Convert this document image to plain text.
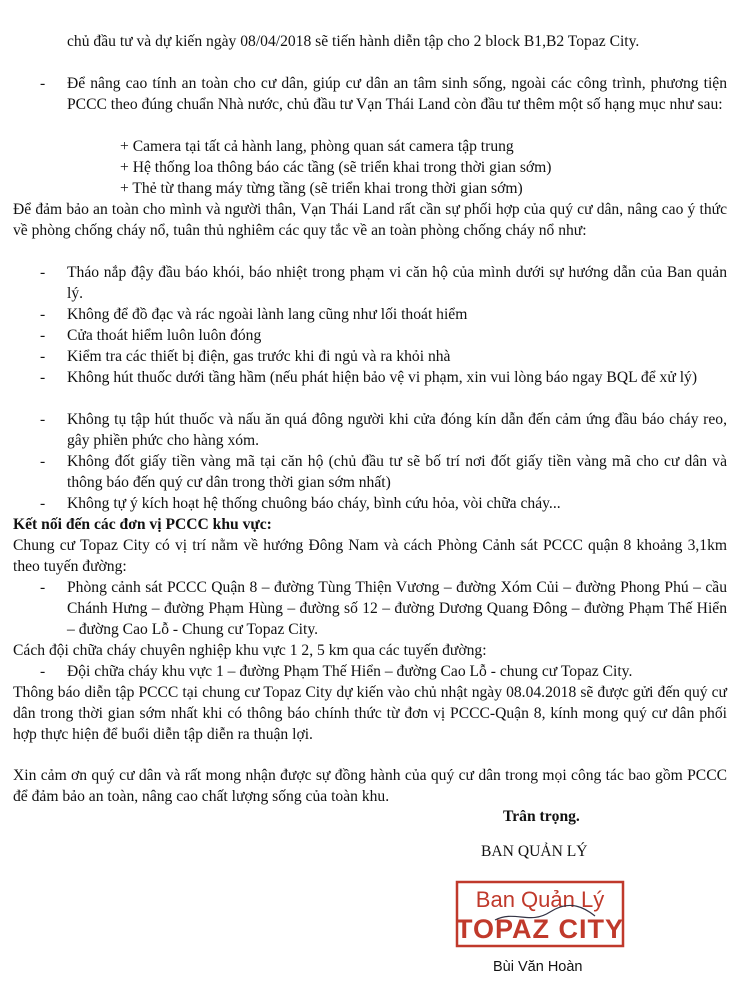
chủ đầu tư và dự kiến ngày 08/04/2018 sẽ tiến hành diễn tập cho 2 block B1,B2 Topaz City.

- Để nâng cao tính an toàn cho cư dân, giúp cư dân an tâm sinh sống, ngoài các công trình, phương tiện PCCC theo đúng chuẩn Nhà nước, chủ đầu tư Vạn Thái Land còn đầu tư thêm một số hạng mục như sau:

+ Camera tại tất cả hành lang, phòng quan sát camera tập trung

+ Hệ thống loa thông báo các tầng (sẽ triển khai trong thời gian sớm)

+ Thẻ từ thang máy từng tầng (sẽ triển khai trong thời gian sớm)

Để đảm bảo an toàn cho mình và người thân, Vạn Thái Land rất cần sự phối hợp của quý cư dân, nâng cao ý thức về phòng chống cháy nổ, tuân thủ nghiêm các quy tắc về an toàn phòng chống cháy nổ như:

- Tháo nắp đậy đầu báo khói, báo nhiệt trong phạm vi căn hộ của mình dưới sự hướng dẫn của Ban quản lý.

- Không để đồ đạc và rác ngoài lành lang cũng như lối thoát hiểm

- Cửa thoát hiểm luôn luôn đóng

- Kiểm tra các thiết bị điện, gas trước khi đi ngủ và ra khỏi nhà

- Không hút thuốc dưới tầng hầm (nếu phát hiện bảo vệ vi phạm, xin vui lòng báo ngay BQL để xử lý)

- Không tụ tập hút thuốc và nấu ăn quá đông người khi cửa đóng kín dẫn đến cảm ứng đầu báo cháy reo, gây phiền phức cho hàng xóm.

- Không đốt giấy tiền vàng mã tại căn hộ (chủ đầu tư sẽ bố trí nơi đốt giấy tiền vàng mã cho cư dân và thông báo đến quý cư dân trong thời gian sớm nhất)

- Không tự ý kích hoạt hệ thống chuông báo cháy, bình cứu hỏa, vòi chữa cháy...

Kết nối đến các đơn vị PCCC khu vực:

Chung cư Topaz City có vị trí nằm về hướng Đông Nam và cách Phòng Cảnh sát PCCC quận 8 khoảng 3,1km theo tuyến đường:

- Phòng cảnh sát PCCC Quận 8 – đường Tùng Thiện Vương – đường Xóm Củi – đường Phong Phú – cầu Chánh Hưng – đường Phạm Hùng – đường số 12 – đường Dương Quang Đông – đường Phạm Thế Hiển – đường Cao Lỗ - Chung cư Topaz City.

Cách đội chữa cháy chuyên nghiệp khu vực 1 2, 5 km qua các tuyến đường:

- Đội chữa cháy khu vực 1 – đường Phạm Thế Hiển – đường Cao Lỗ - chung cư Topaz City.

Thông báo diễn tập PCCC tại chung cư Topaz City dự kiến vào chủ nhật ngày 08.04.2018 sẽ được gửi đến quý cư dân trong thời gian sớm nhất khi có thông báo chính thức từ đơn vị PCCC-Quận 8, kính mong quý cư dân phối hợp thực hiện để buổi diễn tập diễn ra thuận lợi.

Xin cảm ơn quý cư dân và rất mong nhận được sự đồng hành của quý cư dân trong mọi công tác bao gồm PCCC để đảm bảo an toàn, nâng cao chất lượng sống của toàn khu.

Trân trọng.
BAN QUẢN LÝ
Ban Quản Lý
TOPAZ CITY
Bùi Văn Hoàn
